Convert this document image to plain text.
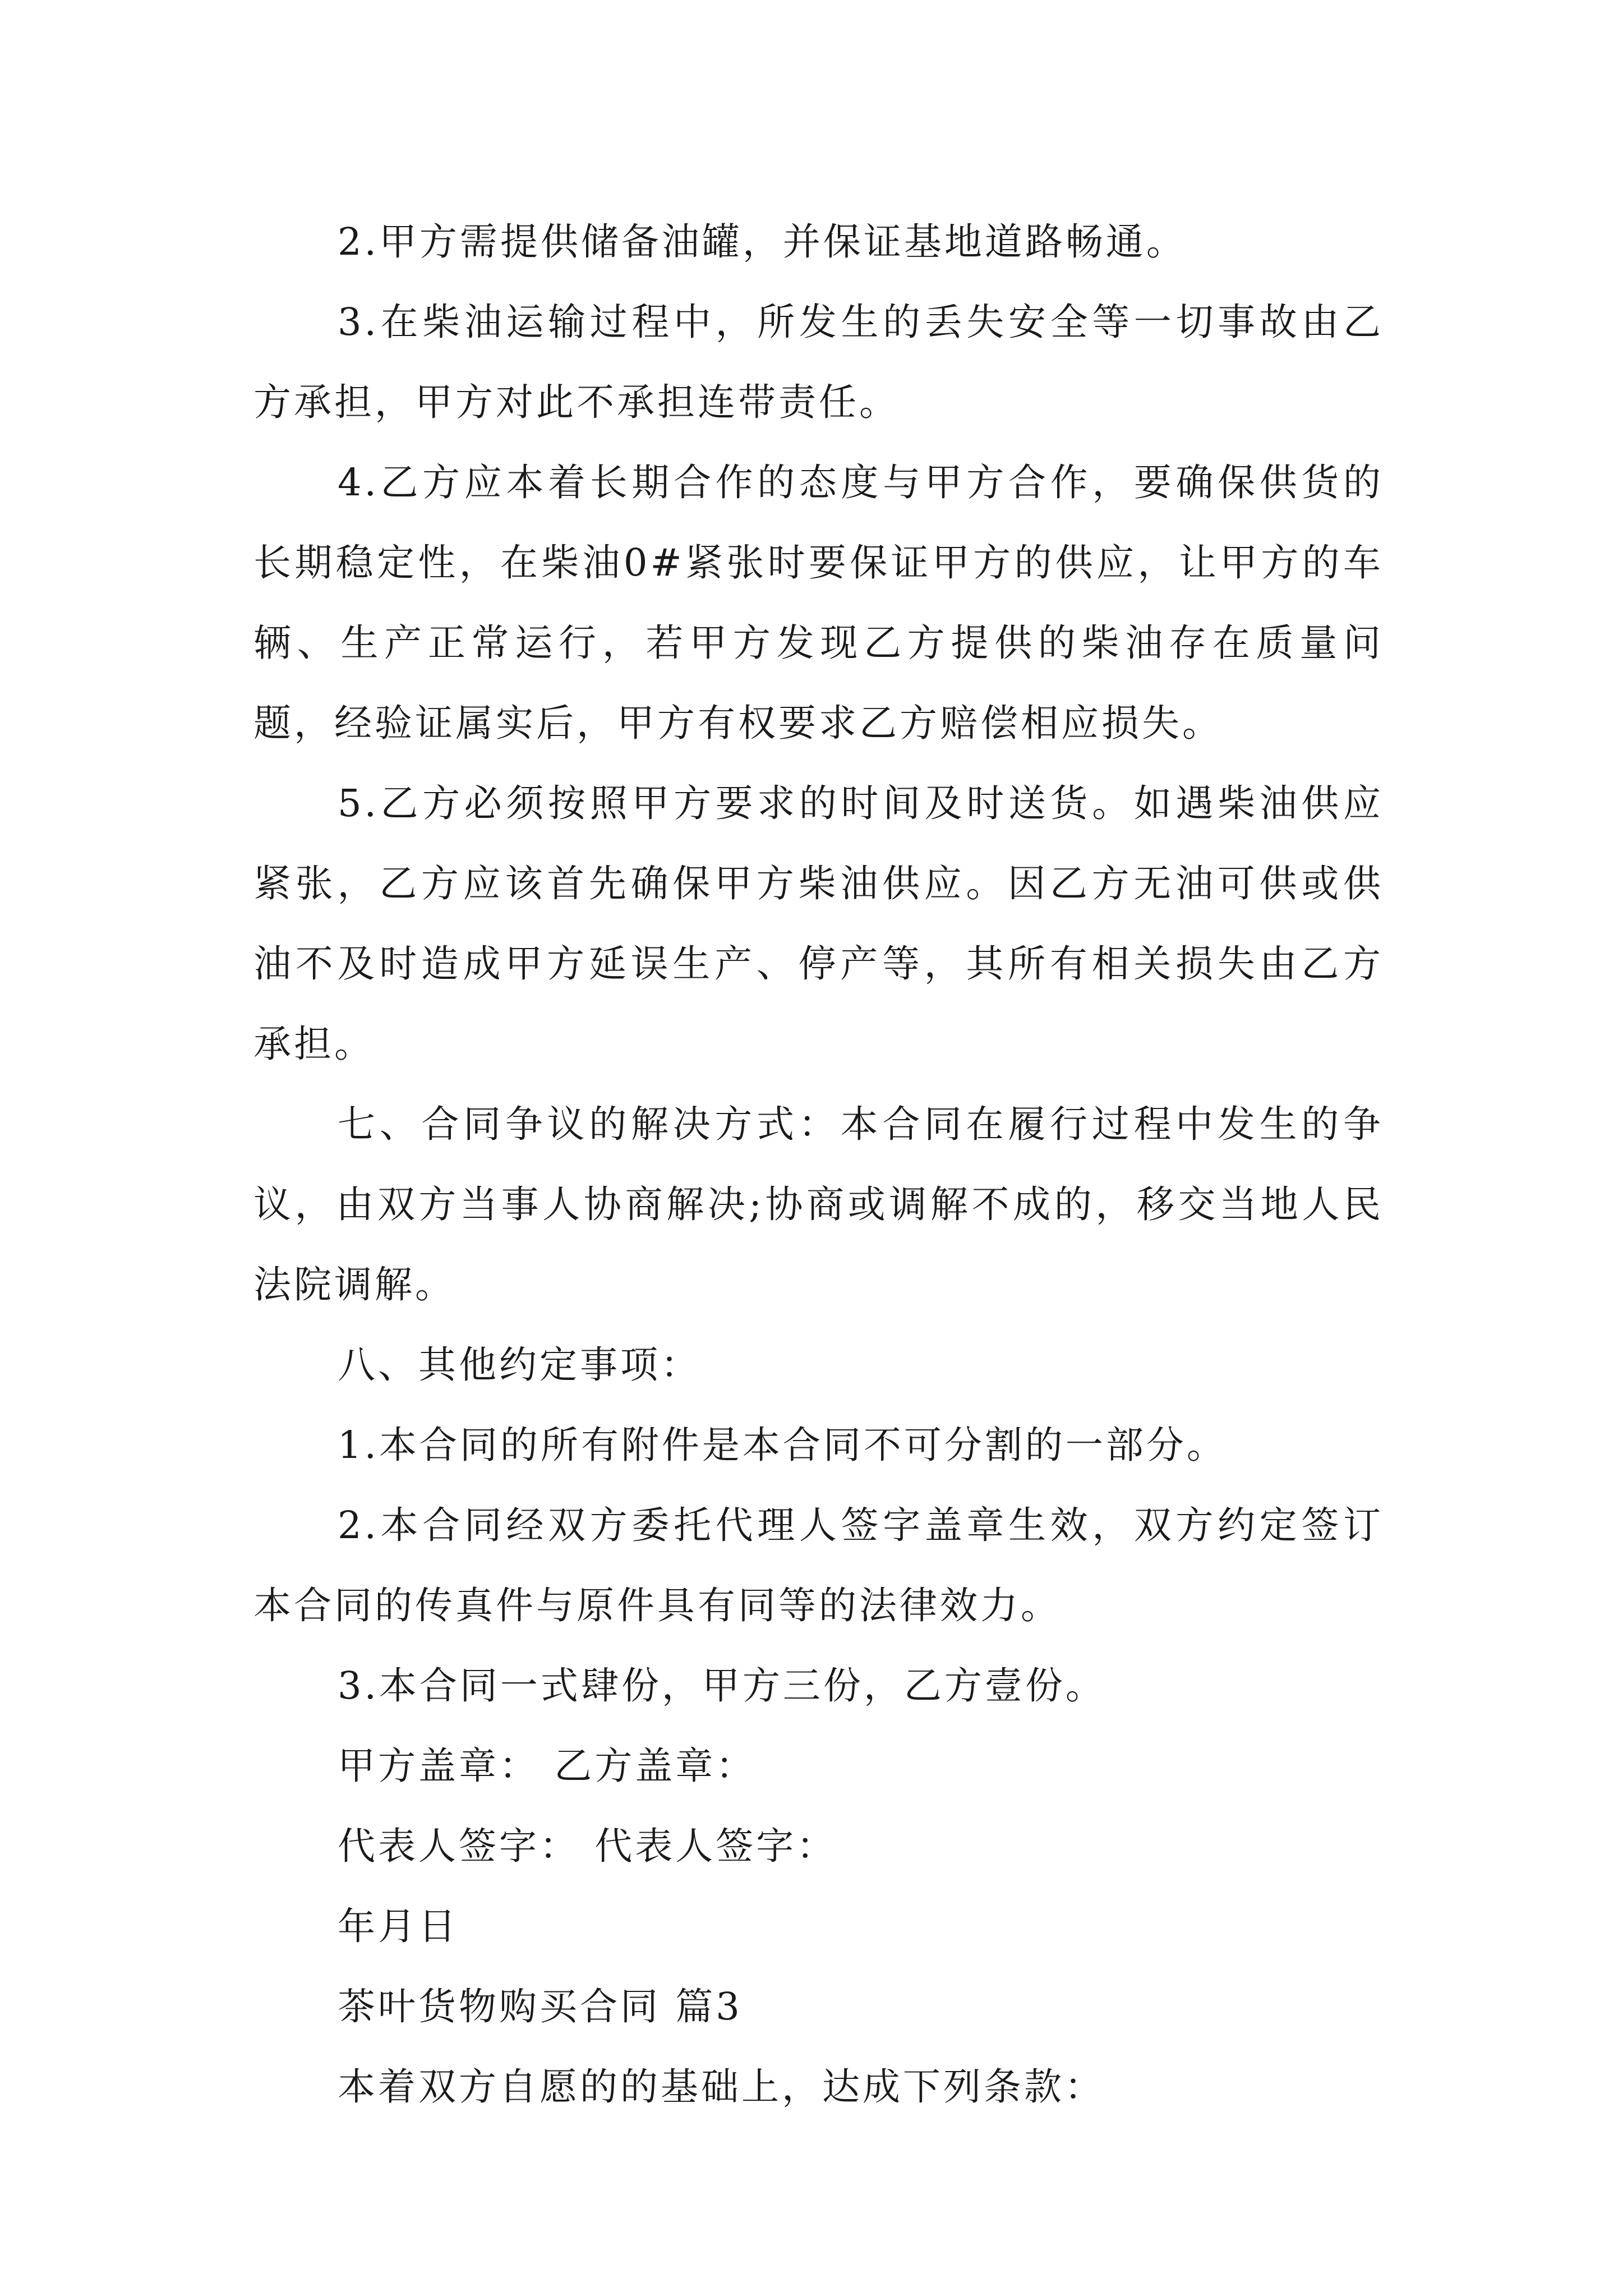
2.甲方需提供储备油罐，并保证基地道路畅通。

3.在柴油运输过程中，所发生的丢失安全等一切事故由乙方承担，甲方对此不承担连带责任。

4.乙方应本着长期合作的态度与甲方合作，要确保供货的长期稳定性，在柴油0#紧张时要保证甲方的供应，让甲方的车辆、生产正常运行，若甲方发现乙方提供的柴油存在质量问题，经验证属实后，甲方有权要求乙方赔偿相应损失。

5.乙方必须按照甲方要求的时间及时送货。如遇柴油供应紧张，乙方应该首先确保甲方柴油供应。因乙方无油可供或供油不及时造成甲方延误生产、停产等，其所有相关损失由乙方承担。

七、合同争议的解决方式：本合同在履行过程中发生的争议，由双方当事人协商解决;协商或调解不成的，移交当地人民法院调解。

八、其他约定事项：

1.本合同的所有附件是本合同不可分割的一部分。

2.本合同经双方委托代理人签字盖章生效，双方约定签订本合同的传真件与原件具有同等的法律效力。

3.本合同一式肆份，甲方三份，乙方壹份。

甲方盖章： 乙方盖章：

代表人签字： 代表人签字：

年月日

茶叶货物购买合同 篇3

本着双方自愿的的基础上，达成下列条款：
